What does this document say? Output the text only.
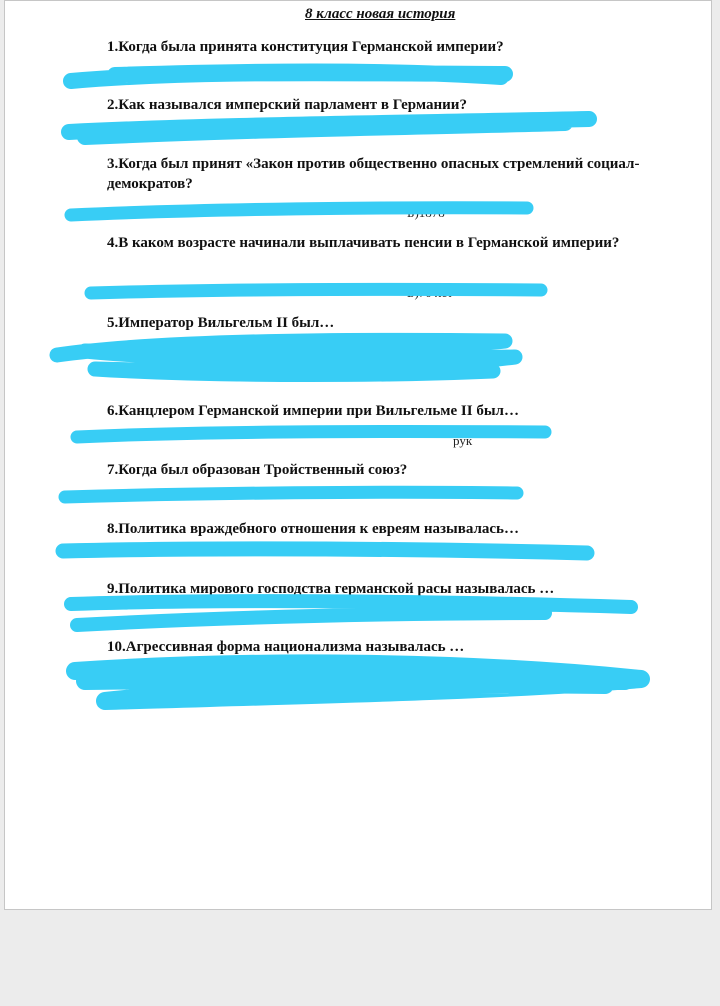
8 класс новая история
1.Когда была принята конституция Германской империи?
Б)18
2.Как назывался имперский парламент в Германии?
3.Когда был принят «Закон против общественно опасных стремлений социал-демократов?
Б)1878
4.В каком возрасте начинали выплачивать пенсии в Германской империи?
Б)70 лет
5.Император Вильгельм II был…
Вильге
6.Канцлером Германской империи при Вильгельме II был…
рук
7.Когда был образован Тройственный союз?
8.Политика враждебного отношения к евреям называлась…
9.Политика мирового господства германской расы называлась …
10.Агрессивная форма национализма называлась …
